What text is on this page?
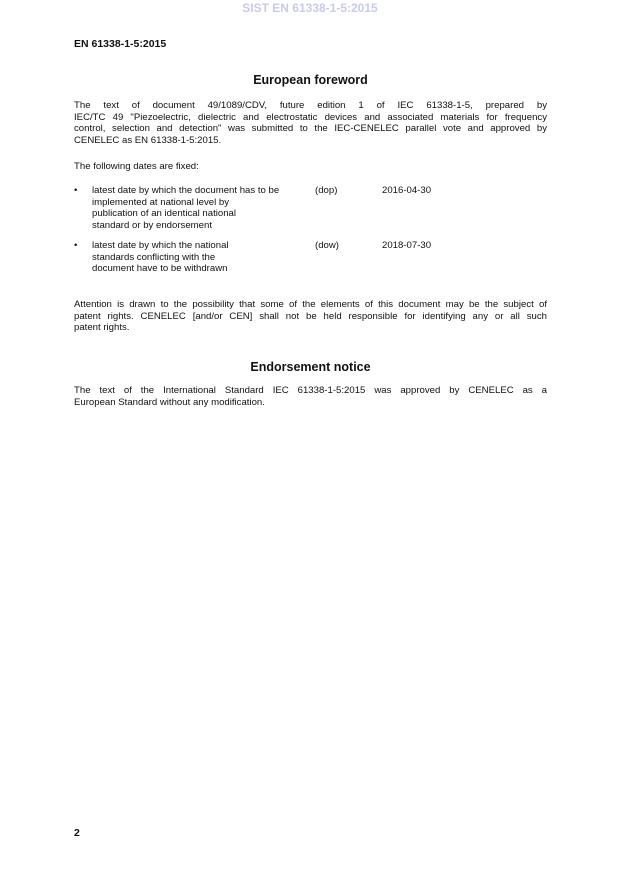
SIST EN 61338-1-5:2015
EN 61338-1-5:2015
European foreword
The text of document 49/1089/CDV, future edition 1 of IEC 61338-1-5, prepared by
IEC/TC 49 "Piezoelectric, dielectric and electrostatic devices and associated materials for frequency
control, selection and detection" was submitted to the IEC-CENELEC parallel vote and approved by
CENELEC as EN 61338-1-5:2015.
The following dates are fixed:
• latest date by which the document has to be
implemented at national level by
publication of an identical national
standard or by endorsement
(dop)	2016-04-30
• latest date by which the national
standards conflicting with the
document have to be withdrawn
(dow)	2018-07-30
Attention is drawn to the possibility that some of the elements of this document may be the subject of
patent rights. CENELEC [and/or CEN] shall not be held responsible for identifying any or all such
patent rights.
Endorsement notice
The text of the International Standard IEC 61338-1-5:2015 was approved by CENELEC as a
European Standard without any modification.
2
